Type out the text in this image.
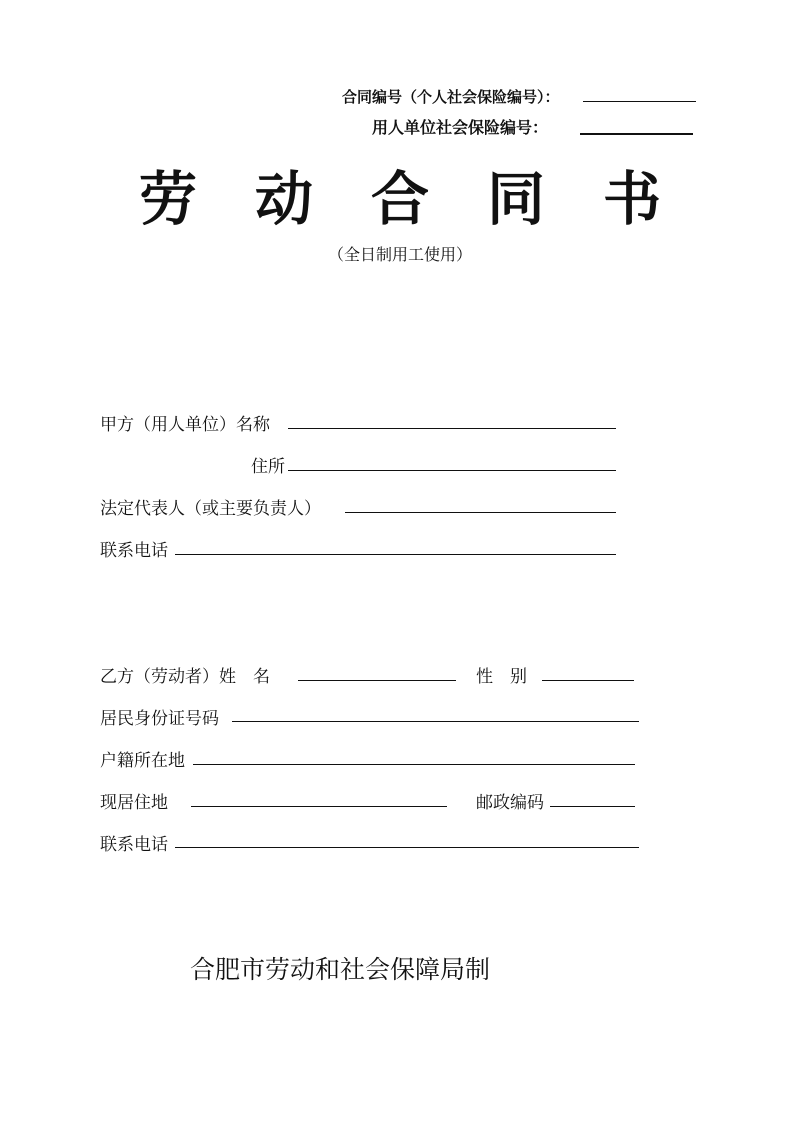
合同编号（个人社会保险编号）：
用人单位社会保险编号：
劳动合同书
（全日制用工使用）
甲方（用人单位）名称
住所
法定代表人（或主要负责人）
联系电话
乙方（劳动者）姓　名	性　别
居民身份证号码
户籍所在地
现居住地	邮政编码
联系电话
合肥市劳动和社会保障局制
